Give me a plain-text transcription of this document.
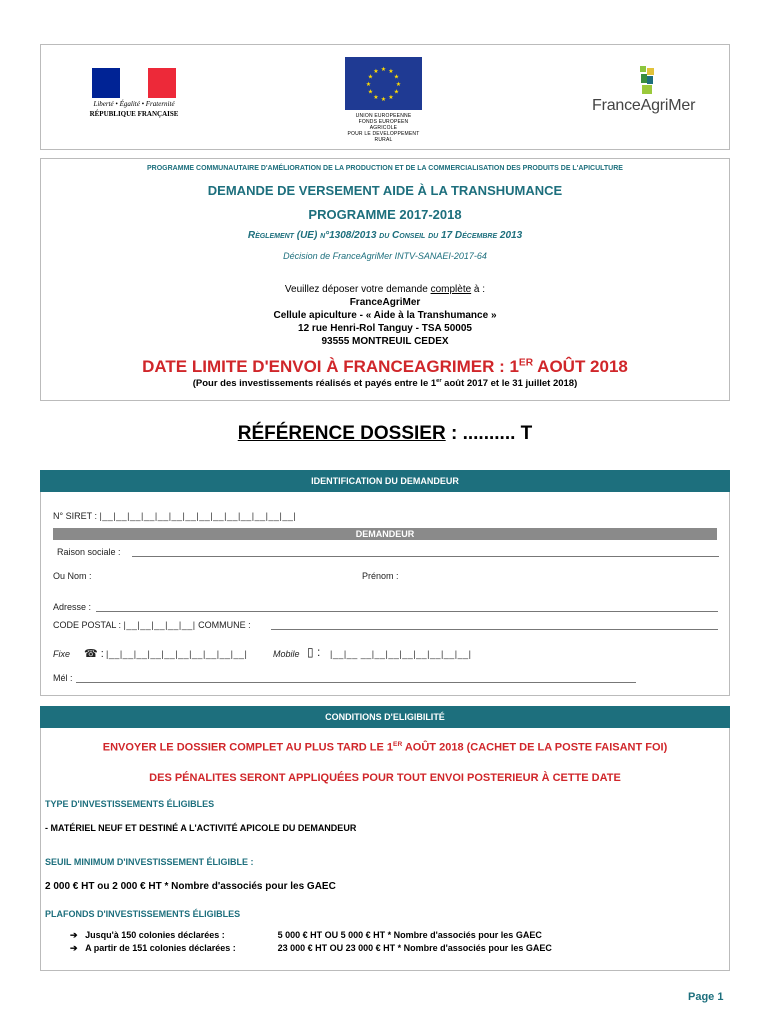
Liberté • Égalité • Fraternité
RÉPUBLIQUE FRANÇAISE
★ ★
★
★
★
★
★
★
★
★
★
★
UNION EUROPEENNE
FONDS EUROPEEN AGRICOLE
POUR LE DEVELOPPEMENT RURAL
FranceAgriMer
PROGRAMME COMMUNAUTAIRE D'AMÉLIORATION DE LA PRODUCTION ET DE LA COMMERCIALISATION DES PRODUITS DE L'APICULTURE
DEMANDE DE VERSEMENT AIDE À LA TRANSHUMANCE
PROGRAMME 2017-2018
Règlement (UE) n°1308/2013 du Conseil du 17 Décembre 2013
Décision de FranceAgriMer INTV-SANAEI-2017-64
Veuillez déposer votre demande complète à :
FranceAgriMer
Cellule apiculture - « Aide à la Transhumance »
12 rue Henri-Rol Tanguy - TSA 50005
93555 MONTREUIL CEDEX
DATE LIMITE D'ENVOI À FRANCEAGRIMER : 1ER AOÛT 2018
(Pour des investissements réalisés et payés entre le 1er août 2017 et le 31 juillet 2018)
RÉFÉRENCE DOSSIER : .......... T
IDENTIFICATION DU DEMANDEUR
N° SIRET : |__|__|__|__|__|__|__|__|__|__|__|__|__|__|
DEMANDEUR
Raison sociale :
Ou Nom :	Prénom :
Adresse :
CODE POSTAL : |__|__|__|__|__| COMMUNE :
Fixe ☎ : |__|__|__|__|__|__|__|__|__|__|	Mobile ▯ : |__|__ __|__|__|__|__|__|__|__|
Mél :
CONDITIONS D'ELIGIBILITÉ
ENVOYER LE DOSSIER COMPLET AU PLUS TARD LE 1ER AOÛT 2018 (CACHET DE LA POSTE FAISANT FOI)
DES PÉNALITES SERONT APPLIQUÉES POUR TOUT ENVOI POSTERIEUR À CETTE DATE
TYPE D'INVESTISSEMENTS ÉLIGIBLES
- MATÉRIEL NEUF ET DESTINÉ A L'ACTIVITÉ APICOLE DU DEMANDEUR
SEUIL MINIMUM D'INVESTISSEMENT ÉLIGIBLE :
2 000 € HT ou 2 000 € HT * Nombre d'associés pour les GAEC
PLAFONDS D'INVESTISSEMENTS ÉLIGIBLES
➔ Jusqu'à 150 colonies déclarées :	5 000 € HT OU 5 000 € HT * Nombre d'associés pour les GAEC
➔ A partir de 151 colonies déclarées :	23 000 € HT OU 23 000 € HT * Nombre d'associés pour les GAEC
Page 1
